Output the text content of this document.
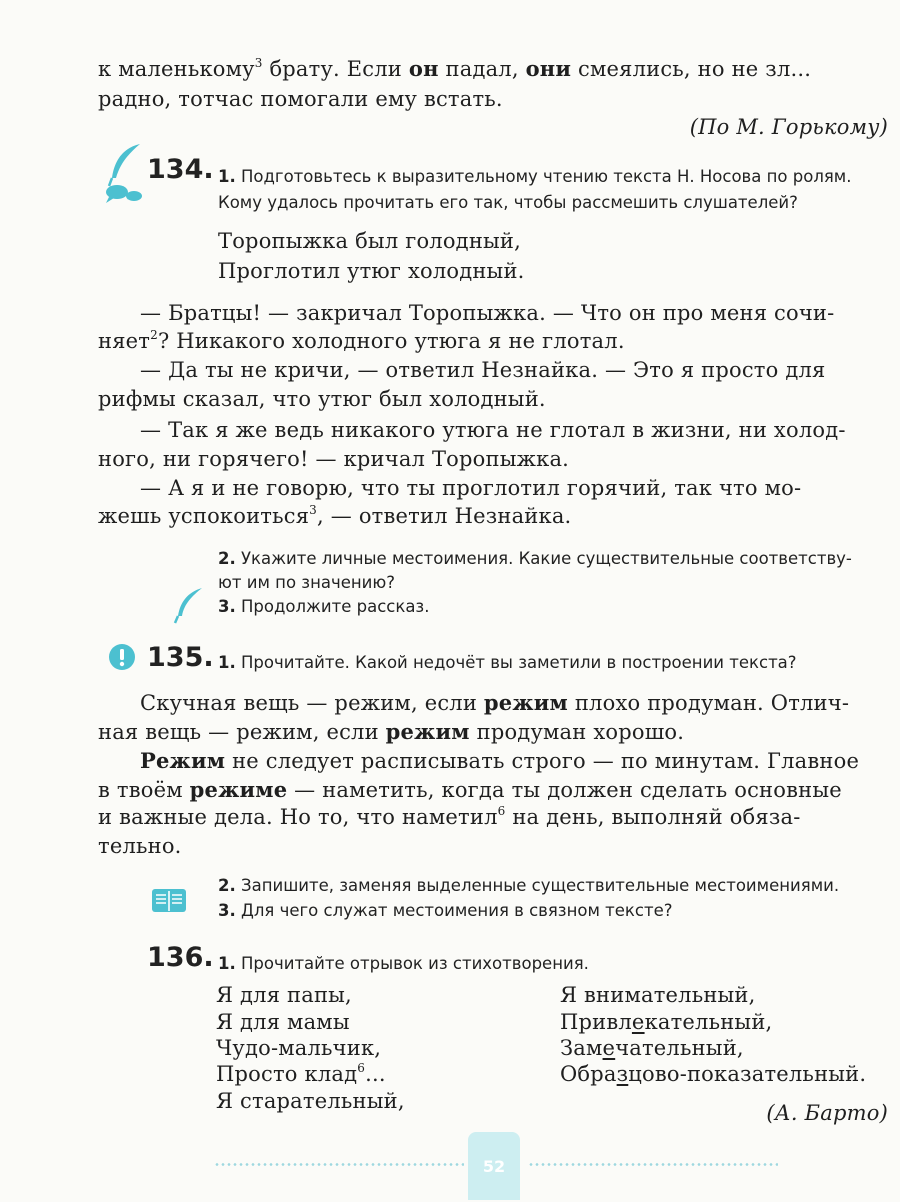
к маленькому$^3$ брату. Если он падал, они смеялись, но не зл...
радно, тотчас помогали ему встать.
(По М. Горькому)
134. 1. Подготовьтесь к выразительному чтению текста Н. Носова по ролям.
Кому удалось прочитать его так, чтобы рассмешить слушателей?
Торопыжка был голодный,
Проглотил утюг холодный.
— Братцы! — закричал Торопыжка. — Что он про меня сочи-
няет$^2$? Никакого холодного утюга я не глотал.
— Да ты не кричи, — ответил Незнайка. — Это я просто для
рифмы сказал, что утюг был холодный.
— Так я же ведь никакого утюга не глотал в жизни, ни холод-
ного, ни горячего! — кричал Торопыжка.
— А я и не говорю, что ты проглотил горячий, так что мо-
жешь успокоиться$^3$, — ответил Незнайка.
2. Укажите личные местоимения. Какие существительные соответству-
ют им по значению?
3. Продолжите рассказ.
135. 1. Прочитайте. Какой недочёт вы заметили в построении текста?
Скучная вещь — режим, если режим плохо продуман. Отлич-
ная вещь — режим, если режим продуман хорошо.
Режим не следует расписывать строго — по минутам. Главное
в твоём режиме — наметить, когда ты должен сделать основные
и важные дела. Но то, что наметил$^6$ на день, выполняй обяза-
тельно.
2. Запишите, заменяя выделенные существительные местоимениями.
3. Для чего служат местоимения в связном тексте?
136. 1. Прочитайте отрывок из стихотворения.
Я для папы,
Я для мамы
Чудо-мальчик,
Просто клад$^6$...
Я старательный,
Я внимательный,
Привлекательный,
Замечательный,
Образцово-показательный.
(А. Барто)
52
